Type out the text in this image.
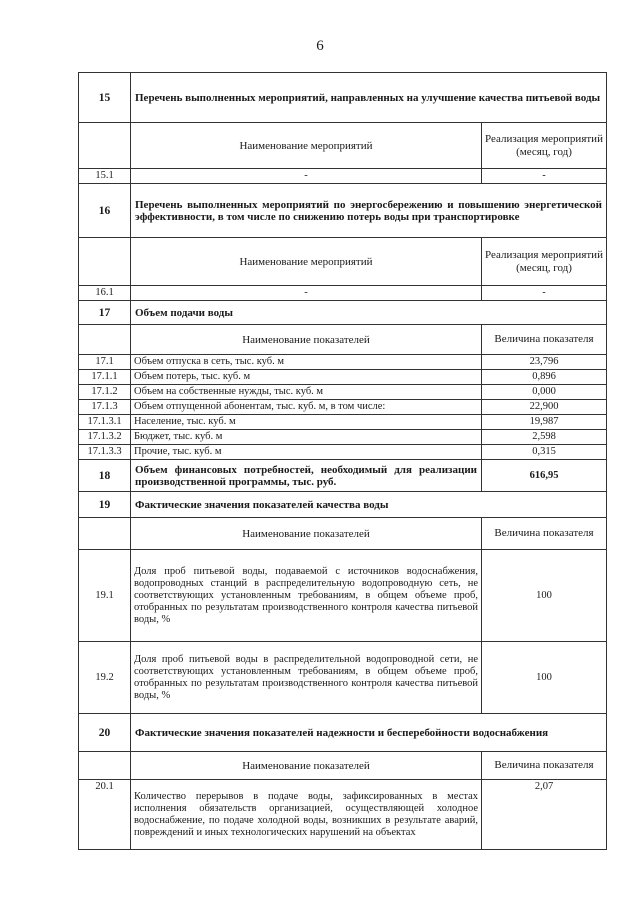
6
15	Перечень выполненных мероприятий, направленных на улучшение качества питьевой воды	
	Наименование мероприятий	Реализация мероприятий (месяц, год)
15.1	-	-
16	Перечень выполненных мероприятий по энергосбережению и повышению энергетической эффективности, в том числе по снижению потерь воды при транспортировке	
	Наименование мероприятий	Реализация мероприятий (месяц, год)
16.1	-	-
17	Объем подачи воды	
	Наименование показателей	Величина показателя
17.1	Объем отпуска в сеть, тыс. куб. м	23,796
17.1.1	Объем потерь, тыс. куб. м	0,896
17.1.2	Объем на собственные нужды, тыс. куб. м	0,000
17.1.3	Объем отпущенной абонентам, тыс. куб. м, в том числе:	22,900
17.1.3.1	Население, тыс. куб. м	19,987
17.1.3.2	Бюджет, тыс. куб. м	2,598
17.1.3.3	Прочие, тыс. куб. м	0,315
18	Объем финансовых потребностей, необходимый для реализации производственной программы, тыс. руб.	616,95
19	Фактические значения показателей качества воды	
	Наименование показателей	Величина показателя
19.1	Доля проб питьевой воды, подаваемой с источников водоснабжения, водопроводных станций в распределительную водопроводную сеть, не соответствующих установленным требованиям, в общем объеме проб, отобранных по результатам производственного контроля качества питьевой воды, %	100
19.2	Доля проб питьевой воды в распределительной водопроводной сети, не соответствующих установленным требованиям, в общем объеме проб, отобранных по результатам производственного контроля качества питьевой воды, %	100
20	Фактические значения показателей надежности и бесперебойности водоснабжения	
	Наименование показателей	Величина показателя
20.1	Количество перерывов в подаче воды, зафиксированных в местах исполнения обязательств организацией, осуществляющей холодное водоснабжение, по подаче холодной воды, возникших в результате аварий, повреждений и иных технологических нарушений на объектах	2,07
